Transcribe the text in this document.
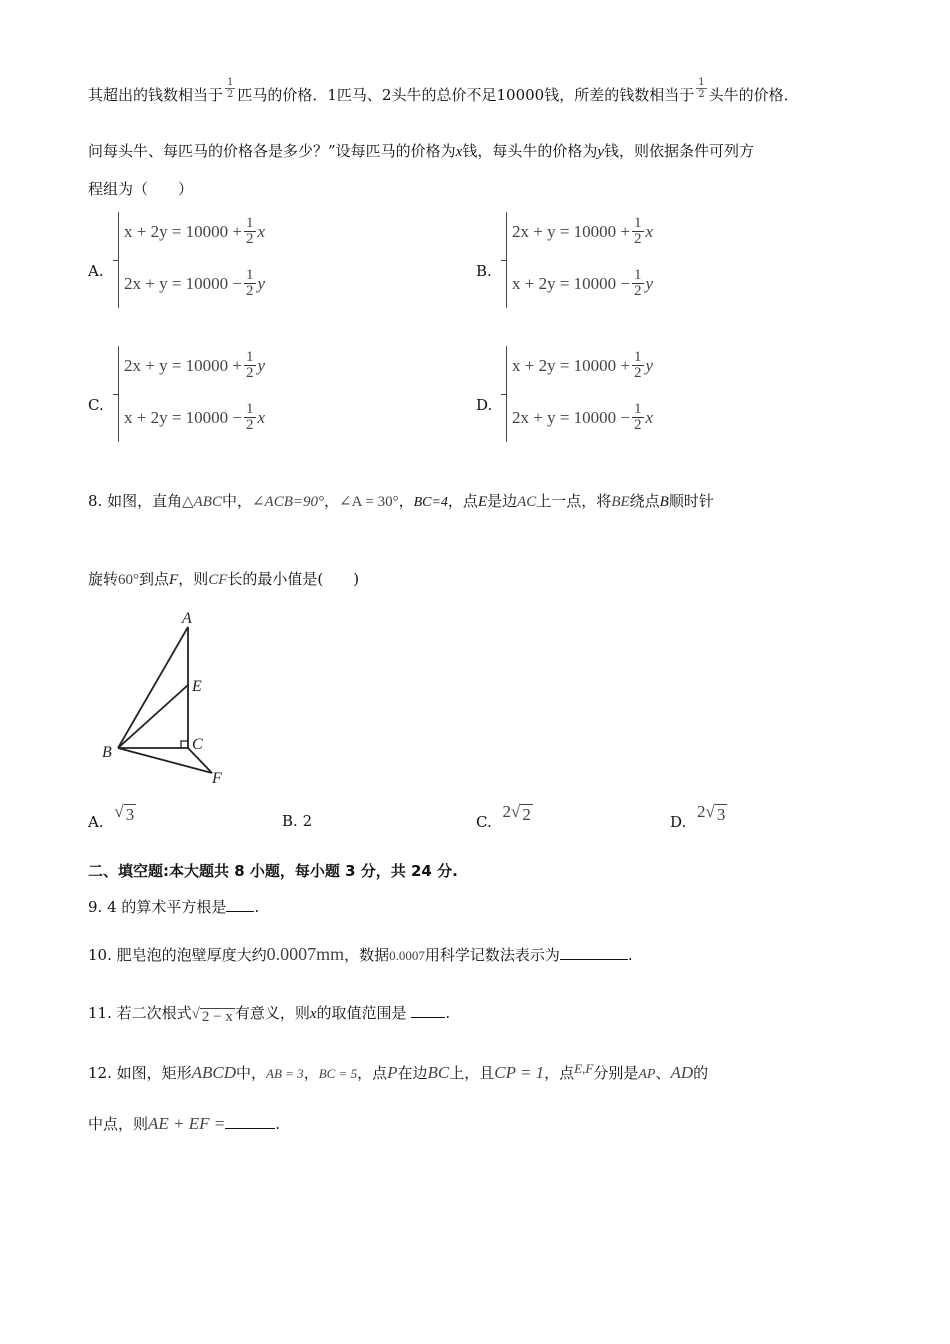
其超出的钱数相当于 $\frac{1}{2}$ 匹马的价格．1匹马、2头牛的总价不足10000钱，所差的钱数相当于 $\frac{1}{2}$ 头牛的价格．
问每头牛、每匹马的价格各是多少？”设每匹马的价格为x钱，每头牛的价格为y钱，则依据条件可列方
程组为（　　）
A.
$x + 2y = 10000 + \frac{1}{2}$ x
$2x + y = 10000 - \frac{1}{2}$ y
B.
$2x + y = 10000 + \frac{1}{2}$ x
$x + 2y = 10000 - \frac{1}{2}$ y
C.
$2x + y = 10000 + \frac{1}{2}$ y
$x + 2y = 10000 - \frac{1}{2}$ x
D.
$x + 2y = 10000 + \frac{1}{2}$ y
$2x + y = 10000 - \frac{1}{2}$ x
8. 如图，直角△ABC中，∠ACB=90°，∠A = 30°，BC=4，点E是边AC上一点，将BE绕点B顺时针
旋转60°到点F，则CF长的最小值是(　　)
A
E
C
B
F
A.
√ 3	B. 2	C.
2 √ 2	D.
2 √ 3
二、填空题:本大题共 8 小题，每小题 3 分，共 24 分.
9. 4 的算术平方根是 .
10. 肥皂泡的泡壁厚度大约0.0007mm，数据0.0007用科学记数法表示为	.
11. 若二次根式 √ 2 − x 有意义，则x的取值范围是	.
12. 如图，矩形ABCD中，AB = 3，BC = 5，点P在边BC上，且CP = 1，点E,F分别是AP、AD的
中点，则AE + EF =	.
